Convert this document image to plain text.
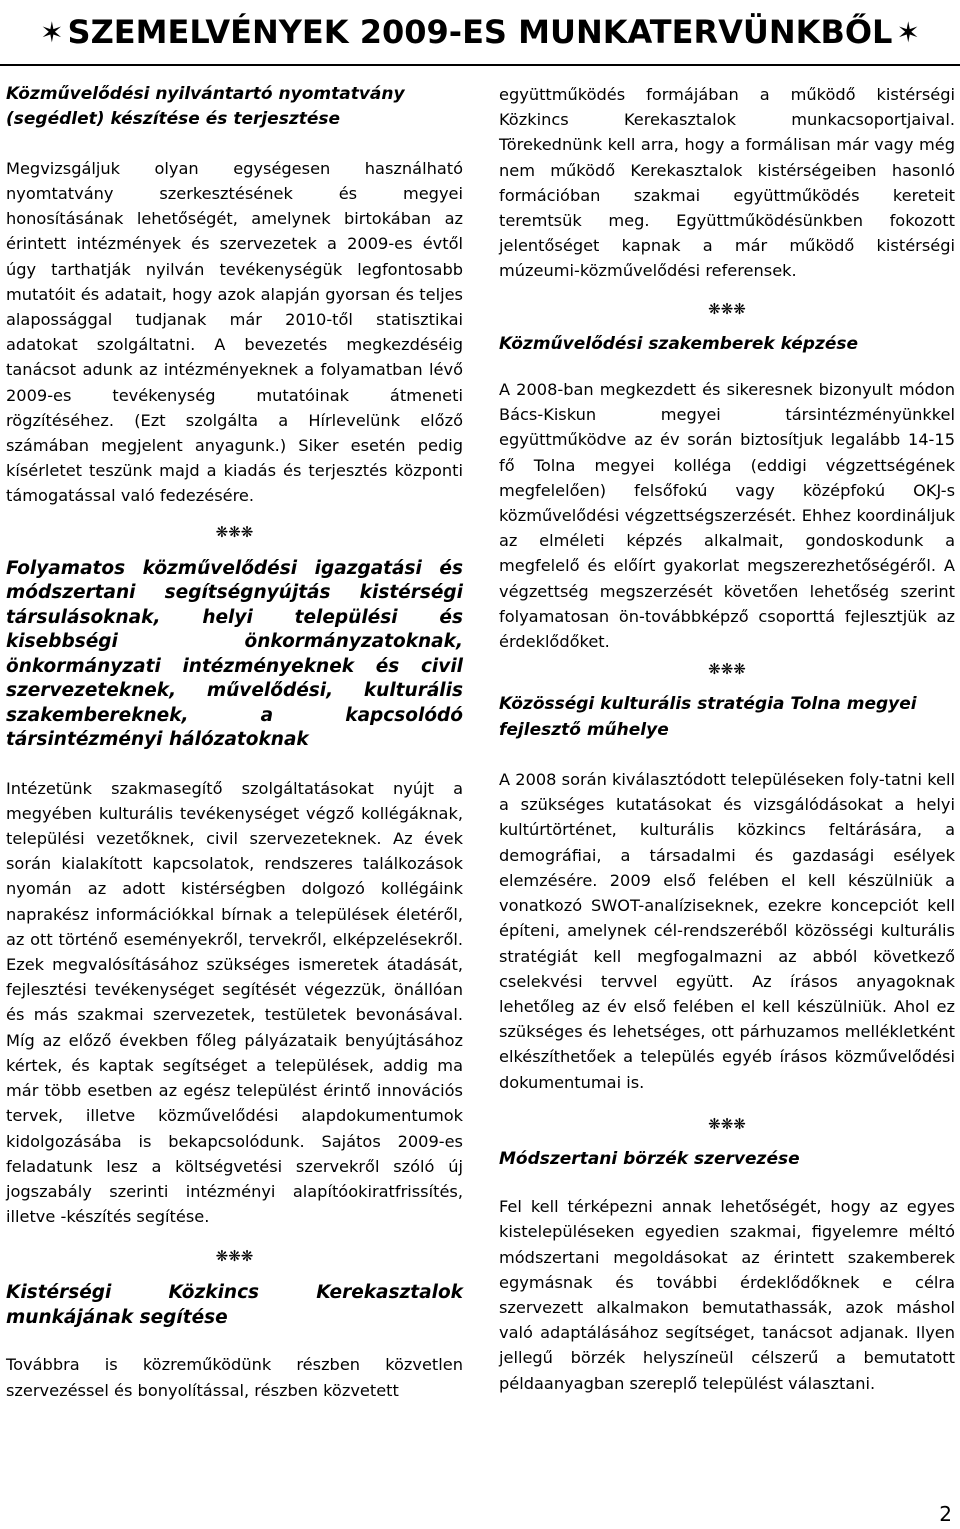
✶ SZEMELVÉNYEK 2009-ES MUNKATERVÜNKBŐL ✶

Közművelődési nyilvántartó nyomtatvány (segédlet) készítése és terjesztése

Megvizsgáljuk olyan egységesen használható nyomtatvány szerkesztésének és megyei honosításának lehetőségét, amelynek birtokában az érintett intézmények és szervezetek a 2009-es évtől úgy tarthatják nyilván tevékenységük legfontosabb mutatóit és adatait, hogy azok alapján gyorsan és teljes alapossággal tudjanak már 2010-től statisztikai adatokat szolgáltatni. A bevezetés megkezdéséig tanácsot adunk az intézményeknek a folyamatban lévő 2009-es tevékenység mutatóinak átmeneti rögzítéséhez. (Ezt szolgálta a Hírlevelünk előző számában megjelent anyagunk.) Siker esetén pedig kísérletet teszünk majd a kiadás és terjesztés központi támogatással való fedezésére.

❋❋❋

Folyamatos közművelődési igazgatási és módszertani segítségnyújtás kistérségi társulásoknak, helyi települési és kisebbségi önkormányzatoknak, önkormányzati intézményeknek és civil szervezeteknek, művelődési, kulturális szakembereknek, a kapcsolódó társintézményi hálózatoknak

Intézetünk szakmasegítő szolgáltatásokat nyújt a megyében kulturális tevékenységet végző kollégáknak, települési vezetőknek, civil szervezeteknek. Az évek során kialakított kapcsolatok, rendszeres találkozások nyomán az adott kistérségben dolgozó kollégáink naprakész információkkal bírnak a települések életéről, az ott történő eseményekről, tervekről, elképzelésekről. Ezek megvalósításához szükséges ismeretek átadását, fejlesztési tevékenységet segítését végezzük, önállóan és más szakmai szervezetek, testületek bevonásával. Míg az előző években főleg pályázataik benyújtásához kértek, és kaptak segítséget a települések, addig ma már több esetben az egész települést érintő innovációs tervek, illetve közművelődési alapdokumentumok kidolgozásába is bekapcsolódunk. Sajátos 2009-es feladatunk lesz a költségvetési szervekről szóló új jogszabály szerinti intézményi alapítóokiratfrissítés, illetve -készítés segítése.

❋❋❋

Kistérségi Közkincs Kerekasztalok munkájának segítése

Továbbra is közreműködünk részben közvetlen szervezéssel és bonyolítással, részben közvetett

együttműködés formájában a működő kistérségi Közkincs Kerekasztalok munkacsoportjaival. Törekednünk kell arra, hogy a formálisan már vagy még nem működő Kerekasztalok kistérségeiben hasonló formációban szakmai együttműködés kereteit teremtsük meg. Együttműködésünkben fokozott jelentőséget kapnak a már működő kistérségi múzeumi-közművelődési referensek.

❋❋❋

Közművelődési szakemberek képzése

A 2008-ban megkezdett és sikeresnek bizonyult módon Bács-Kiskun megyei társintézményünkkel együttműködve az év során biztosítjuk legalább 14-15 fő Tolna megyei kolléga (eddigi végzettségének megfelelően) felsőfokú vagy középfokú OKJ-s közművelődési végzettségszerzését. Ehhez koordináljuk az elméleti képzés alkalmait, gondoskodunk a megfelelő és előírt gyakorlat megszerezhetőségéről. A végzettség megszerzését követően lehetőség szerint folyamatosan ön-továbbképző csoporttá fejlesztjük az érdeklődőket.

❋❋❋

Közösségi kulturális stratégia Tolna megyei fejlesztő műhelye

A 2008 során kiválasztódott településeken foly-tatni kell a szükséges kutatásokat és vizsgálódásokat a helyi kultúrtörténet, kulturális közkincs feltárására, a demográfiai, a társadalmi és gazdasági esélyek elemzésére. 2009 első felében el kell készülniük a vonatkozó SWOT-analíziseknek, ezekre koncepciót kell építeni, amelynek cél-rendszeréből közösségi kulturális stratégiát kell megfogalmazni az abból következő cselekvési tervvel együtt. Az írásos anyagoknak lehetőleg az év első felében el kell készülniük. Ahol ez szükséges és lehetséges, ott párhuzamos mellékletként elkészíthetőek a település egyéb írásos közművelődési dokumentumai is.

❋❋❋

Módszertani börzék szervezése

Fel kell térképezni annak lehetőségét, hogy az egyes kistelepüléseken egyedien szakmai, figyelemre méltó módszertani megoldásokat az érintett szakemberek egymásnak és további érdeklődőknek e célra szervezett alkalmakon bemutathassák, azok máshol való adaptálásához segítséget, tanácsot adjanak. Ilyen jellegű börzék helyszíneül célszerű a bemutatott példaanyagban szereplő települést választani.

2
